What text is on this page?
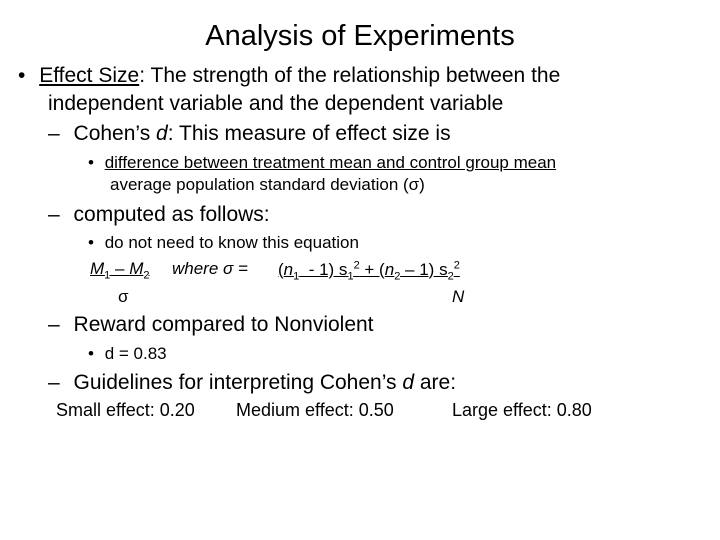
Analysis of Experiments
• Effect Size: The strength of the relationship between the
independent variable and the dependent variable
– Cohen’s d: This measure of effect size is
• difference between treatment mean and control group mean
average population standard deviation (σ)
– computed as follows:
• do not need to know this equation
$M_1 - M_2$ where $\sigma = (n_1 - 1) s_1^2 + (n_2 - 1)$ $s_2^2$
σ	N
– Reward compared to Nonviolent
• d = 0.83
– Guidelines for interpreting Cohen’s d are:
Small effect: 0.20 Medium effect: 0.50	Large effect: 0.80
